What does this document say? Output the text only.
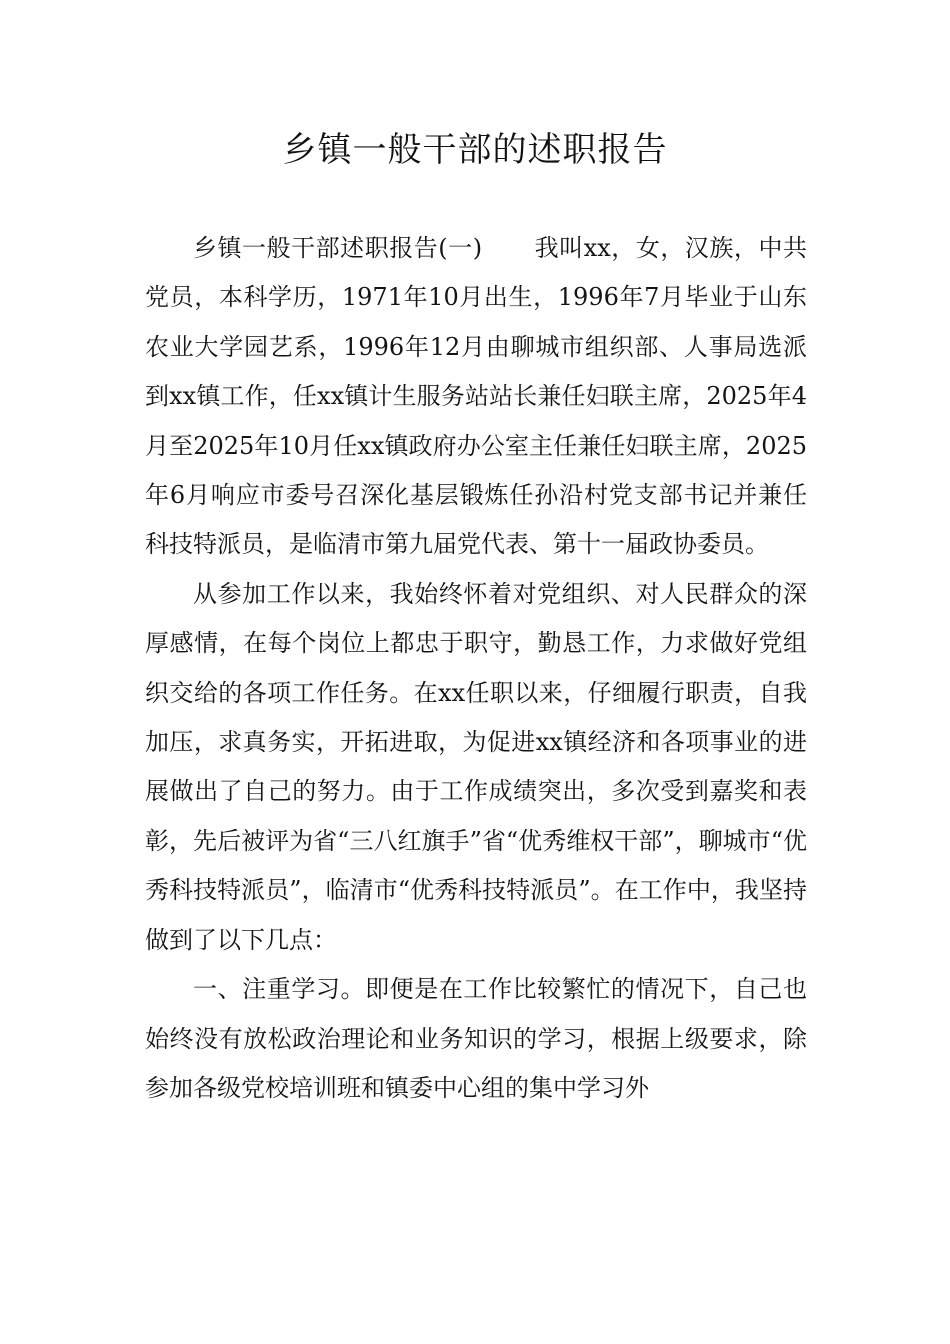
乡镇一般干部的述职报告

乡镇一般干部述职报告(一) 我叫xx，女，汉族，中共党员，本科学历，1971年10月出生，1996年7月毕业于山东农业大学园艺系，1996年12月由聊城市组织部、人事局选派到xx镇工作，任xx镇计生服务站站长兼任妇联主席，2025年4月至2025年10月任xx镇政府办公室主任兼任妇联主席，2025年6月响应市委号召深化基层锻炼任孙沿村党支部书记并兼任科技特派员，是临清市第九届党代表、第十一届政协委员。

从参加工作以来，我始终怀着对党组织、对人民群众的深厚感情，在每个岗位上都忠于职守，勤恳工作，力求做好党组织交给的各项工作任务。在xx任职以来，仔细履行职责，自我加压，求真务实，开拓进取，为促进xx镇经济和各项事业的进展做出了自己的努力。由于工作成绩突出，多次受到嘉奖和表彰，先后被评为省“三八红旗手”省“优秀维权干部”，聊城市“优秀科技特派员”，临清市“优秀科技特派员”。在工作中，我坚持做到了以下几点：

一、注重学习。即便是在工作比较繁忙的情况下，自己也始终没有放松政治理论和业务知识的学习，根据上级要求，除参加各级党校培训班和镇委中心组的集中学习外
